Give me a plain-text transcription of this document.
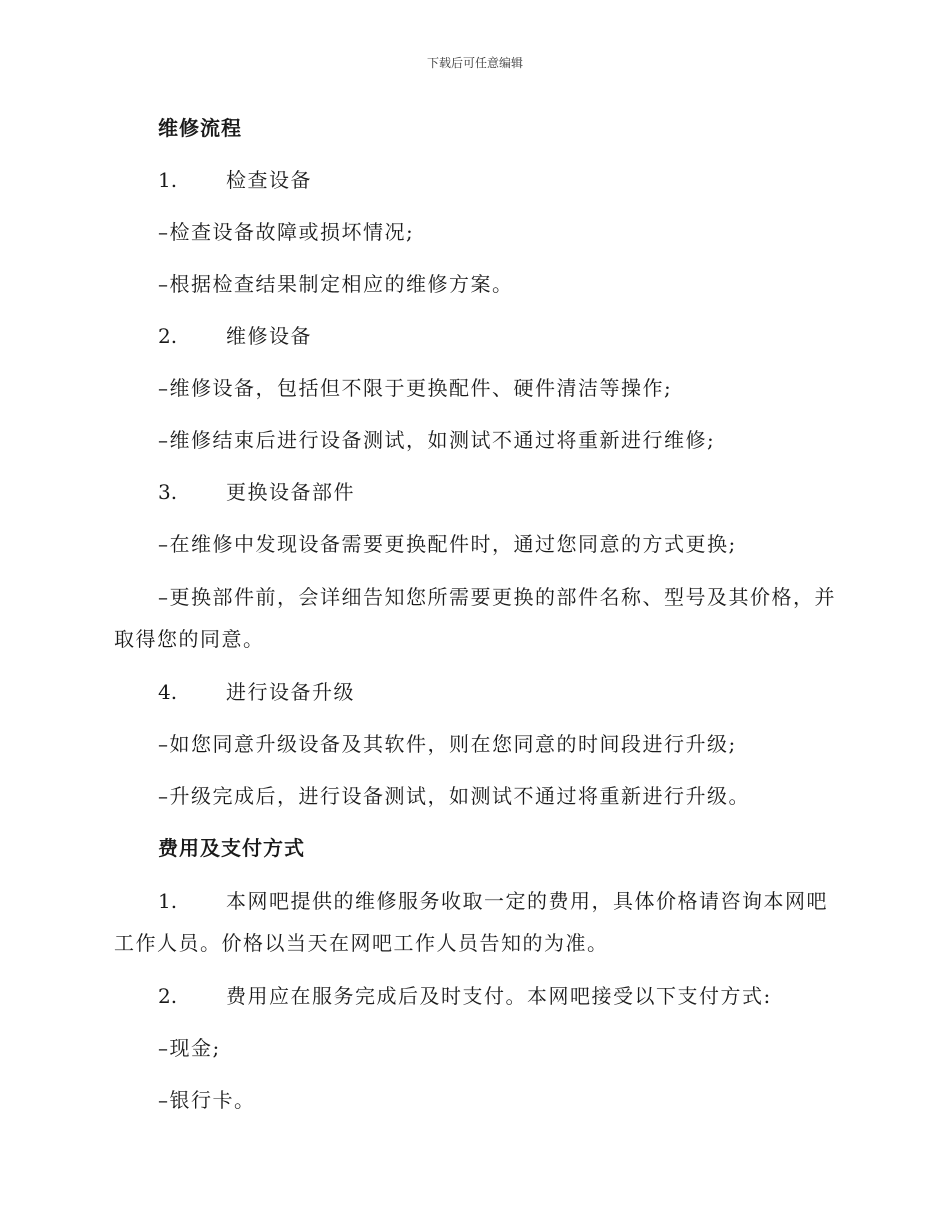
下载后可任意编辑
维修流程
1. 检查设备
–检查设备故障或损坏情况;
–根据检查结果制定相应的维修方案。
2. 维修设备
–维修设备，包括但不限于更换配件、硬件清洁等操作;
–维修结束后进行设备测试，如测试不通过将重新进行维修;
3. 更换设备部件
–在维修中发现设备需要更换配件时，通过您同意的方式更换;
–更换部件前，会详细告知您所需要更换的部件名称、型号及其价格，并取得您的同意。
4. 进行设备升级
–如您同意升级设备及其软件，则在您同意的时间段进行升级;
–升级完成后，进行设备测试，如测试不通过将重新进行升级。
费用及支付方式
1. 本网吧提供的维修服务收取一定的费用，具体价格请咨询本网吧工作人员。价格以当天在网吧工作人员告知的为准。
2. 费用应在服务完成后及时支付。本网吧接受以下支付方式:
–现金;
–银行卡。
